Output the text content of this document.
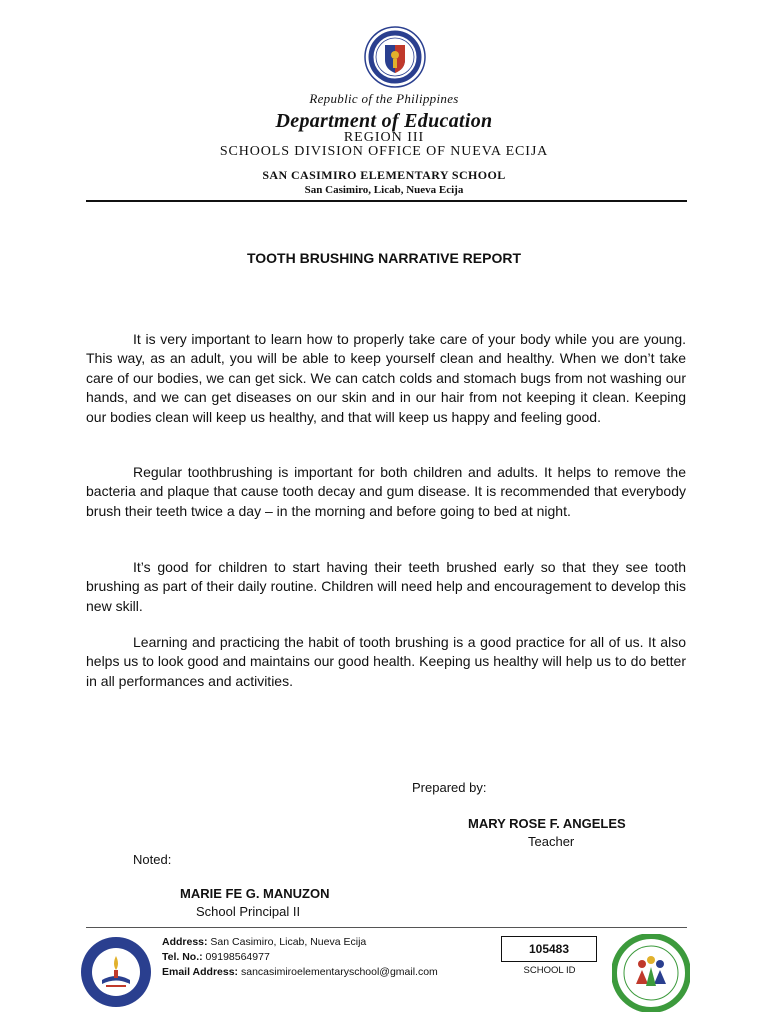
Republic of the Philippines
Department of Education
REGION III
SCHOOLS DIVISION OFFICE OF NUEVA ECIJA
SAN CASIMIRO ELEMENTARY SCHOOL
San Casimiro, Licab, Nueva Ecija
TOOTH BRUSHING NARRATIVE REPORT

It is very important to learn how to properly take care of your body while you are young. This way, as an adult, you will be able to keep yourself clean and healthy. When we don’t take care of our bodies, we can get sick. We can catch colds and stomach bugs from not washing our hands, and we can get diseases on our skin and in our hair from not keeping it clean. Keeping our bodies clean will keep us healthy, and that will keep us happy and feeling good.

Regular toothbrushing is important for both children and adults. It helps to remove the bacteria and plaque that cause tooth decay and gum disease. It is recommended that everybody brush their teeth twice a day – in the morning and before going to bed at night.

It’s good for children to start having their teeth brushed early so that they see tooth brushing as part of their daily routine. Children will need help and encouragement to develop this new skill.

Learning and practicing the habit of tooth brushing is a good practice for all of us. It also helps us to look good and maintains our good health. Keeping us healthy will help us to do better in all performances and activities.

Prepared by:
MARY ROSE F. ANGELES
Teacher
Noted:
MARIE FE G. MANUZON
School Principal II
Address: San Casimiro, Licab, Nueva Ecija
Tel. No.: 09198564977
Email Address: sancasimiroelementaryschool@gmail.com
105483
SCHOOL ID
